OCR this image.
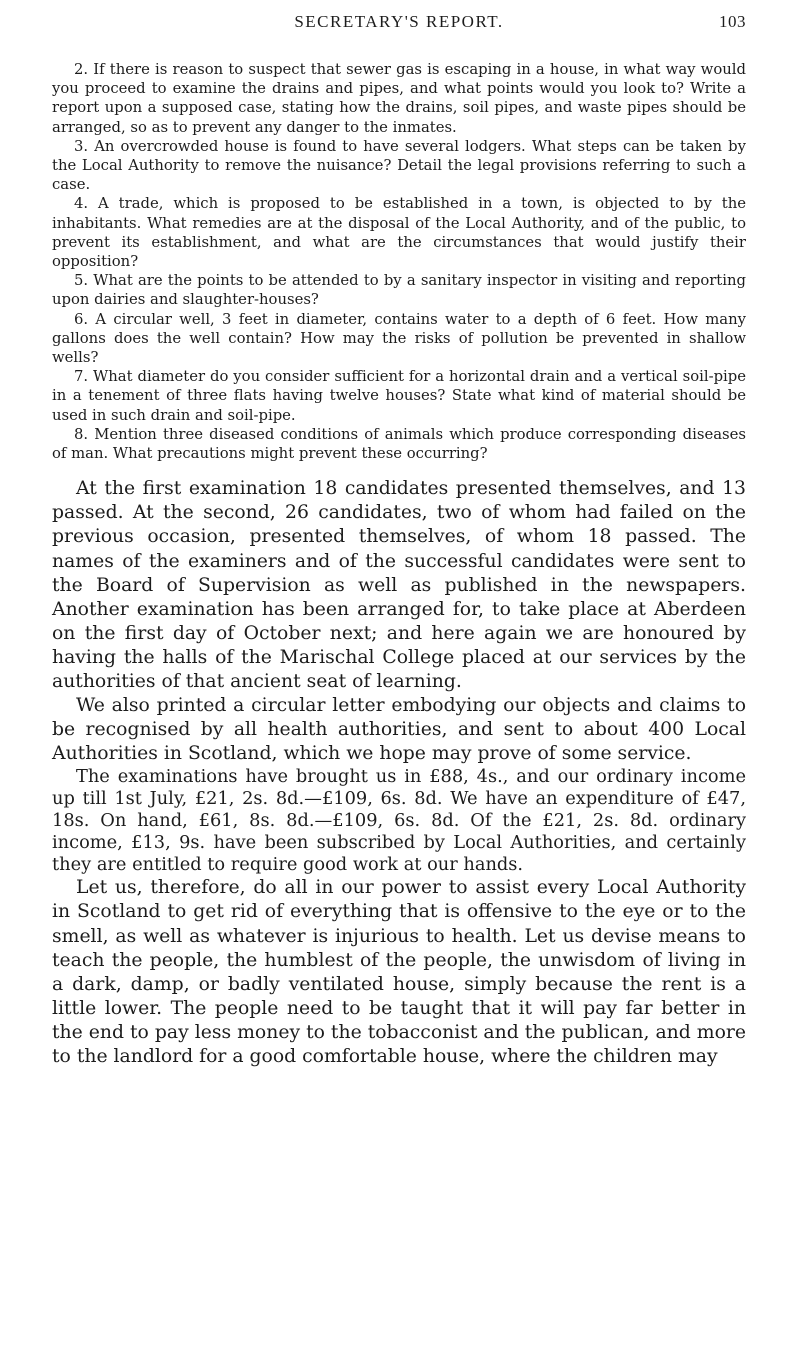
SECRETARY'S REPORT.	103

2. If there is reason to suspect that sewer gas is escaping in a house, in what way would you proceed to examine the drains and pipes, and what points would you look to? Write a report upon a supposed case, stating how the drains, soil pipes, and waste pipes should be arranged, so as to prevent any danger to the inmates.

3. An overcrowded house is found to have several lodgers. What steps can be taken by the Local Authority to remove the nuisance? Detail the legal provisions referring to such a case.

4. A trade, which is proposed to be established in a town, is objected to by the inhabitants. What remedies are at the disposal of the Local Authority, and of the public, to prevent its establishment, and what are the circumstances that would justify their opposition?

5. What are the points to be attended to by a sanitary inspector in visiting and reporting upon dairies and slaughter-houses?

6. A circular well, 3 feet in diameter, contains water to a depth of 6 feet. How many gallons does the well contain? How may the risks of pollution be prevented in shallow wells?

7. What diameter do you consider sufficient for a horizontal drain and a vertical soil-pipe in a tenement of three flats having twelve houses? State what kind of material should be used in such drain and soil-pipe.

8. Mention three diseased conditions of animals which produce corresponding diseases of man. What precautions might prevent these occurring?

At the first examination 18 candidates presented themselves, and 13 passed. At the second, 26 candidates, two of whom had failed on the previous occasion, presented themselves, of whom 18 passed. The names of the examiners and of the successful candidates were sent to the Board of Supervision as well as published in the newspapers. Another examination has been arranged for, to take place at Aberdeen on the first day of October next; and here again we are honoured by having the halls of the Marischal College placed at our services by the authorities of that ancient seat of learning.

We also printed a circular letter embodying our objects and claims to be recognised by all health authorities, and sent to about 400 Local Authorities in Scotland, which we hope may prove of some service.

The examinations have brought us in £88, 4s., and our ordinary income up till 1st July, £21, 2s. 8d.—£109, 6s. 8d. We have an expenditure of £47, 18s. On hand, £61, 8s. 8d.—£109, 6s. 8d. Of the £21, 2s. 8d. ordinary income, £13, 9s. have been subscribed by Local Authorities, and certainly they are entitled to require good work at our hands.

Let us, therefore, do all in our power to assist every Local Authority in Scotland to get rid of everything that is offensive to the eye or to the smell, as well as whatever is injurious to health. Let us devise means to teach the people, the humblest of the people, the unwisdom of living in a dark, damp, or badly ventilated house, simply because the rent is a little lower. The people need to be taught that it will pay far better in the end to pay less money to the tobacconist and the publican, and more to the landlord for a good comfortable house, where the children may
